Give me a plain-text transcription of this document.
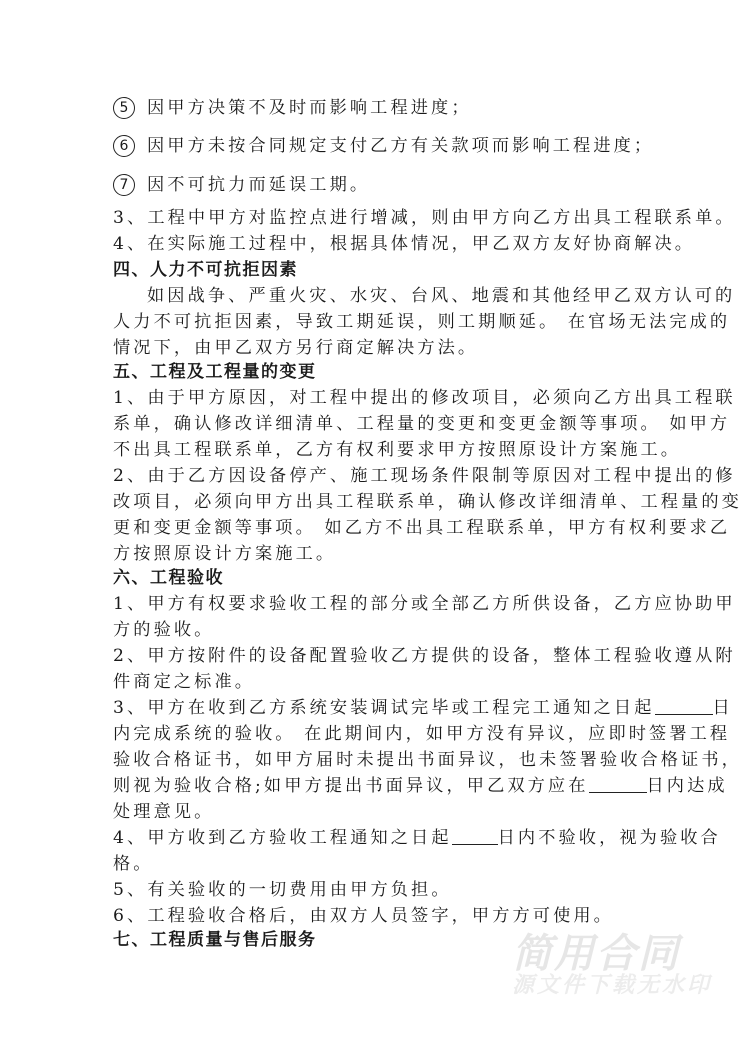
5 因甲方决策不及时而影响工程进度；
6 因甲方未按合同规定支付乙方有关款项而影响工程进度；
7 因不可抗力而延误工期。
3、工程中甲方对监控点进行增减，则由甲方向乙方出具工程联系单。
4、在实际施工过程中，根据具体情况，甲乙双方友好协商解决。
四、人力不可抗拒因素
如因战争、严重火灾、水灾、台风、地震和其他经甲乙双方认可的
人力不可抗拒因素，导致工期延误，则工期顺延。 在官场无法完成的
情况下，由甲乙双方另行商定解决方法。
五、工程及工程量的变更
1、由于甲方原因，对工程中提出的修改项目，必须向乙方出具工程联
系单，确认修改详细清单、工程量的变更和变更金额等事项。 如甲方
不出具工程联系单，乙方有权利要求甲方按照原设计方案施工。
2、由于乙方因设备停产、施工现场条件限制等原因对工程中提出的修
改项目，必须向甲方出具工程联系单，确认修改详细清单、工程量的变
更和变更金额等事项。 如乙方不出具工程联系单，甲方有权利要求乙
方按照原设计方案施工。
六、工程验收
1、甲方有权要求验收工程的部分或全部乙方所供设备，乙方应协助甲
方的验收。
2、甲方按附件的设备配置验收乙方提供的设备，整体工程验收遵从附
件商定之标准。
3、甲方在收到乙方系统安装调试完毕或工程完工通知之日起	日
内完成系统的验收。 在此期间内，如甲方没有异议，应即时签署工程
验收合格证书，如甲方届时未提出书面异议，也未签署验收合格证书，
则视为验收合格;如甲方提出书面异议，甲乙双方应在	日内达成
处理意见。
4、甲方收到乙方验收工程通知之日起	日内不验收，视为验收合
格。
5、有关验收的一切费用由甲方负担。
6、工程验收合格后，由双方人员签字，甲方方可使用。
七、工程质量与售后服务	简用合同
源文件下载无水印
